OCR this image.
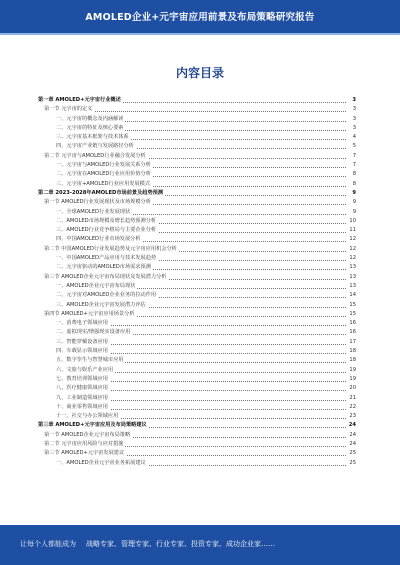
AMOLED企业+元宇宙应用前景及布局策略研究报告
内容目录
第一章 AMOLED+元宇宙行业概述	3
第一节 元宇宙的定义	3
一、元宇宙的概念及内涵解读	3
二、元宇宙的特征及核心要素	3
三、元宇宙基本框架与技术体系	4
四、元宇宙产业链与发展路径分析	5
第二节 元宇宙与AMOLED行业融合发展分析	7
一、元宇宙与AMOLED行业发展关系分析	7
二、元宇宙在AMOLED行业应用价值分析	8
三、元宇宙+AMOLED行业应用发展模式	8
第二章 2023-2028年AMOLED市场前景及趋势预测	9
第一节 AMOLED行业发展现状及市场规模分析	9
一、全球AMOLED行业发展现状	9
二、AMOLED市场规模及增长趋势预测分析	10
三、AMOLED行业竞争格局与主要企业分析	11
四、中国AMOLED行业市场发展分析	12
第二节 中国AMOLED行业发展趋势及元宇宙应用机会分析	12
一、中国AMOLED产品应用与技术发展趋势	12
二、元宇宙驱动的AMOLED市场需求预测	13
第三节 AMOLED企业元宇宙布局现状及发展潜力分析	13
一、AMOLED企业元宇宙布局现状	13
二、元宇宙对AMOLED企业业务的拉动作用	14
三、AMOLED企业元宇宙发展潜力评估	15
第四节 AMOLED+元宇宙应用场景分析	15
一、消费电子领域应用	16
二、虚拟现实/增强现实设备应用	16
三、智能穿戴设备应用	17
四、车载显示领域应用	18
五、数字孪生与智慧城市应用	18
六、文旅与娱乐产业应用	19
七、教育培训领域应用	19
八、医疗健康领域应用	20
九、工业制造领域应用	21
十、商业零售领域应用	22
十一、社交与办公领域应用	23
第三章 AMOLED+元宇宙应用及布局策略建议	24
第一节 AMOLED企业元宇宙布局策略	24
第二节 元宇宙应用风险与应对措施	24
第三节 AMOLED+元宇宙发展建议	25
一、AMOLED企业元宇宙业务拓展建议	25
让每个人都能成为 战略专家、管理专家、行业专家、投资专家、成功企业家……
